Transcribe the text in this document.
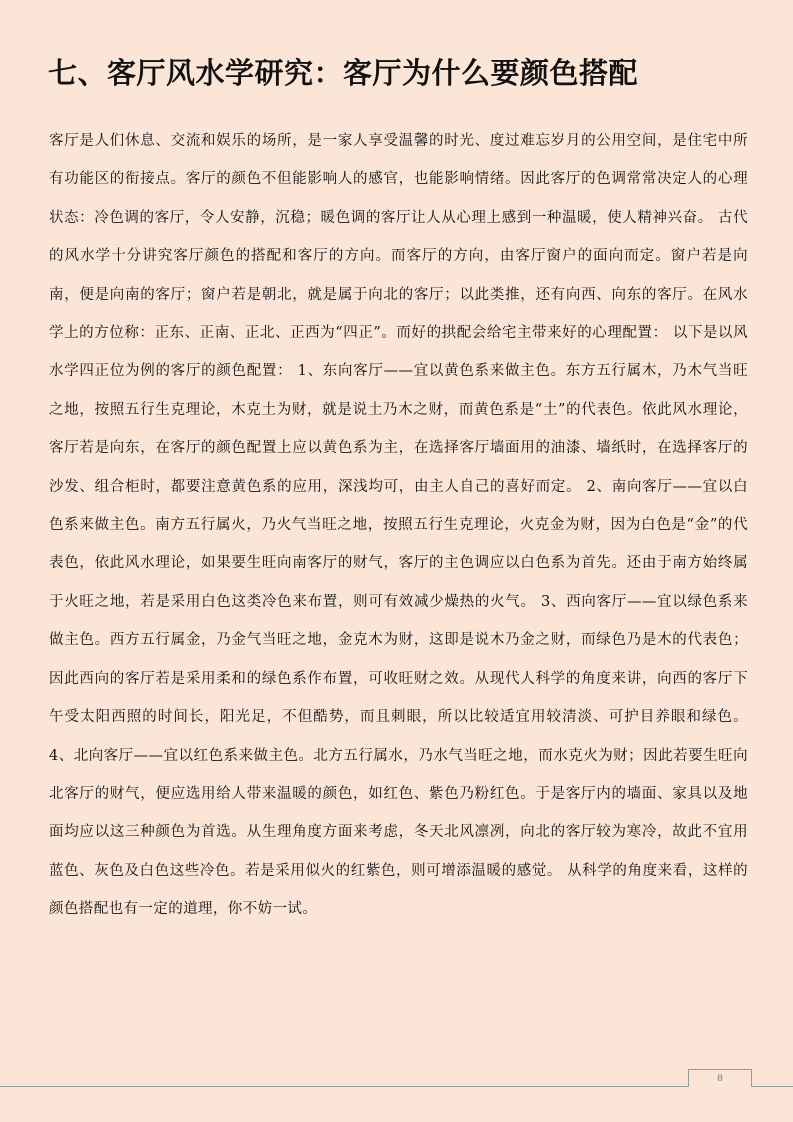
七、客厅风水学研究：客厅为什么要颜色搭配

客厅是人们休息、交流和娱乐的场所，是一家人享受温馨的时光、度过难忘岁月的公用空间，是住宅中所有功能区的衔接点。客厅的颜色不但能影响人的感官，也能影响情绪。因此客厅的色调常常决定人的心理状态：冷色调的客厅，令人安静，沉稳；暖色调的客厅让人从心理上感到一种温暖，使人精神兴奋。 古代的风水学十分讲究客厅颜色的搭配和客厅的方向。而客厅的方向，由客厅窗户的面向而定。窗户若是向南，便是向南的客厅；窗户若是朝北，就是属于向北的客厅；以此类推，还有向西、向东的客厅。在风水学上的方位称：正东、正南、正北、正西为“四正”。而好的拱配会给宅主带来好的心理配置： 以下是以风水学四正位为例的客厅的颜色配置： 1、东向客厅——宜以黄色系来做主色。东方五行属木，乃木气当旺之地，按照五行生克理论，木克土为财，就是说土乃木之财，而黄色系是“土”的代表色。依此风水理论，客厅若是向东，在客厅的颜色配置上应以黄色系为主，在选择客厅墙面用的油漆、墙纸时，在选择客厅的沙发、组合柜时，都要注意黄色系的应用，深浅均可，由主人自己的喜好而定。 2、南向客厅——宜以白色系来做主色。南方五行属火，乃火气当旺之地，按照五行生克理论，火克金为财，因为白色是“金”的代表色，依此风水理论，如果要生旺向南客厅的财气，客厅的主色调应以白色系为首先。还由于南方始终属于火旺之地，若是采用白色这类冷色来布置，则可有效减少燥热的火气。 3、西向客厅——宜以绿色系来做主色。西方五行属金，乃金气当旺之地，金克木为财，这即是说木乃金之财，而绿色乃是木的代表色；因此西向的客厅若是采用柔和的绿色系作布置，可收旺财之效。从现代人科学的角度来讲，向西的客厅下午受太阳西照的时间长，阳光足，不但酷势，而且刺眼，所以比较适宜用较清淡、可护目养眼和绿色。 4、北向客厅——宜以红色系来做主色。北方五行属水，乃水气当旺之地，而水克火为财；因此若要生旺向北客厅的财气，便应选用给人带来温暖的颜色，如红色、紫色乃粉红色。于是客厅内的墙面、家具以及地面均应以这三种颜色为首选。从生理角度方面来考虑，冬天北风凛冽，向北的客厅较为寒冷，故此不宜用蓝色、灰色及白色这些冷色。若是采用似火的红紫色，则可增添温暖的感觉。 从科学的角度来看，这样的颜色搭配也有一定的道理，你不妨一试。

8
